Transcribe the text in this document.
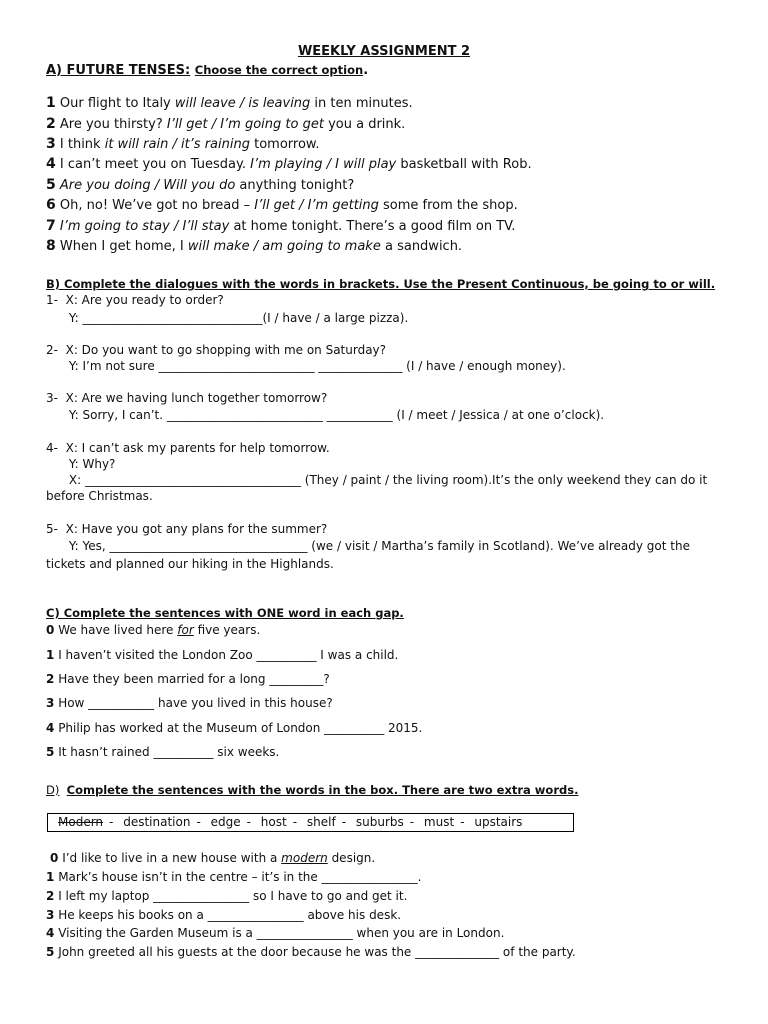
WEEKLY ASSIGNMENT 2
A) FUTURE TENSES: Choose the correct option.
1 Our flight to Italy will leave / is leaving in ten minutes.
2 Are you thirsty? I’ll get / I’m going to get you a drink.
3 I think it will rain / it’s raining tomorrow.
4 I can’t meet you on Tuesday. I’m playing / I will play basketball with Rob.
5 Are you doing / Will you do anything tonight?
6 Oh, no! We’ve got no bread – I’ll get / I’m getting some from the shop.
7 I’m going to stay / I’ll stay at home tonight. There’s a good film on TV.
8 When I get home, I will make / am going to make a sandwich.
B) Complete the dialogues with the words in brackets. Use the Present Continuous, be going to or will.
1-  X: Are you ready to order?
Y: ______________________________(I / have / a large pizza).
2-  X: Do you want to go shopping with me on Saturday?
Y: I’m not sure __________________________ ______________ (I / have / enough money).
3-  X: Are we having lunch together tomorrow?
Y: Sorry, I can’t. __________________________ ___________ (I / meet / Jessica / at one o’clock).
4-  X: I can’t ask my parents for help tomorrow.
Y: Why?
X: ____________________________________ (They / paint / the living room).It’s the only weekend they can do it
before Christmas.
5-  X: Have you got any plans for the summer?
Y: Yes, _________________________________ (we / visit / Martha’s family in Scotland). We’ve already got the
tickets and planned our hiking in the Highlands.
C) Complete the sentences with ONE word in each gap.
0 We have lived here for five years.
1 I haven’t visited the London Zoo __________ I was a child.
2 Have they been married for a long _________?
3 How ___________ have you lived in this house?
4 Philip has worked at the Museum of London __________ 2015.
5 It hasn’t rained __________ six weeks.
D) Complete the sentences with the words in the box. There are two extra words.
Modern - destination - edge - host - shelf - suburbs - must - upstairs
0 I’d like to live in a new house with a modern design.
1 Mark’s house isn’t in the centre – it’s in the ________________.
2 I left my laptop ________________ so I have to go and get it.
3 He keeps his books on a ________________ above his desk.
4 Visiting the Garden Museum is a ________________ when you are in London.
5 John greeted all his guests at the door because he was the ______________ of the party.
